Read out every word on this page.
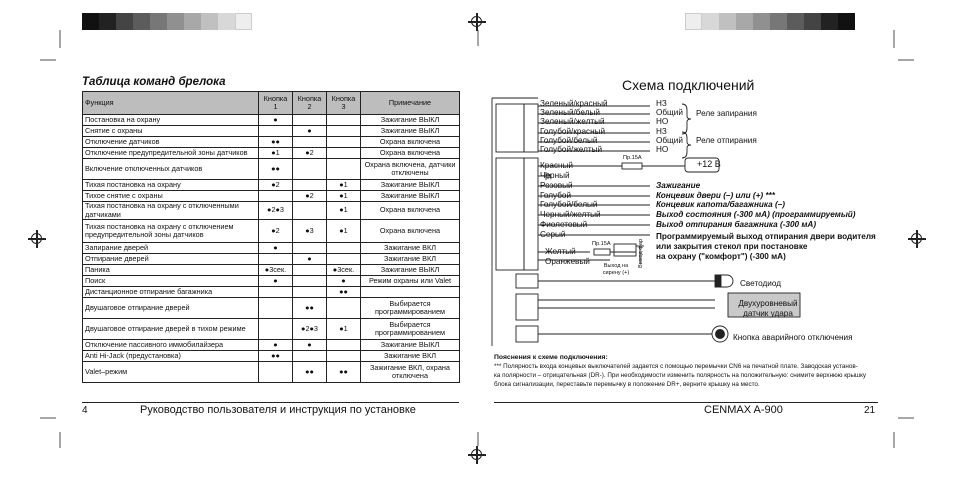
Таблица команд брелока
Функция	Кнопка 1	Кнопка 2	Кнопка 3	Примечание
Постановка на охрану	●			Зажигание ВЫКЛ
Снятие с охраны		●		Зажигание ВЫКЛ
Отключение датчиков	●●			Охрана включена
Отключение предупредительной зоны датчиков	●1	●2		Охрана включена
Включение отключенных датчиков	●●			Охрана включена, датчики отключены
Тихая постановка на охрану	●2		●1	Зажигание ВЫКЛ
Тихое снятие с охраны		●2	●1	Зажигание ВЫКЛ
Тихая постановка на охрану с отключенными датчиками	●2●3		●1	Охрана включена
Тихая постановка на охрану с отключением предупредительной зоны датчиков	●2	●3	●1	Охрана включена
Запирание дверей	●			Зажигание ВКЛ
Отпирание дверей		●		Зажигание ВКЛ
Паника	●3сек.		●3сек.	Зажигание ВЫКЛ
Поиск	●		●	Режим охраны или Valet
Дистанционное отпирание багажника			●●	
Двушаговое отпирание дверей		●●		Выбирается программированием
Двушаговое отпирание дверей в тихом режиме		●2●3	●1	Выбирается программированием
Отключение пассивного иммобилайзера	●	●		Зажигание ВЫКЛ
Anti Hi-Jack (предустановка)	●●			Зажигание ВКЛ
Valet–режим		●●	●●	Зажигание ВКЛ, охрана отключена
4	Руководство пользователя и инструкция по установке
Схема подключений
Зеленый/красный	НЗ
Зеленый/белый	Общий
Зеленый/желтый	НО
Реле запирания
Голубой/красный	НЗ
Голубой/белый	Общий
Голубой/желтый	НО
Реле отпирания
Пр.15А
+12 В
Красный
Черный
Розовый	Зажигание
Голубой	Концевик двери (–) или (+) ***
Голубой/белый	Концевик капота/багажника (–)
Черный/желтый	Выход состояния (-300 мА) (программируемый)
Фиолетовый	Выход отпирания багажника (-300 мА)
Серый	Программируемый выход отпирания двери водителя
или закрытия стекол при постановке
на охрану ("комфорт") (-300 мА)
Желтый
Оранжевый
Пр.15А
Выход на сирену (+)
Выход фар
Светодиод
Двухуровневый датчик удара
Кнопка аварийного отключения
Пояснения к схеме подключения:
*** Полярность входа концевых выключателей задается с помощью перемычки CN6 на печатной плате. Заводская установ-
ка полярности – отрицательная (DR-). При необходимости изменить полярность на положительную: снимите верхнюю крышку
блока сигнализации, переставьте перемычку в положение DR+, верните крышку на место.
CENMAX A-900	21
